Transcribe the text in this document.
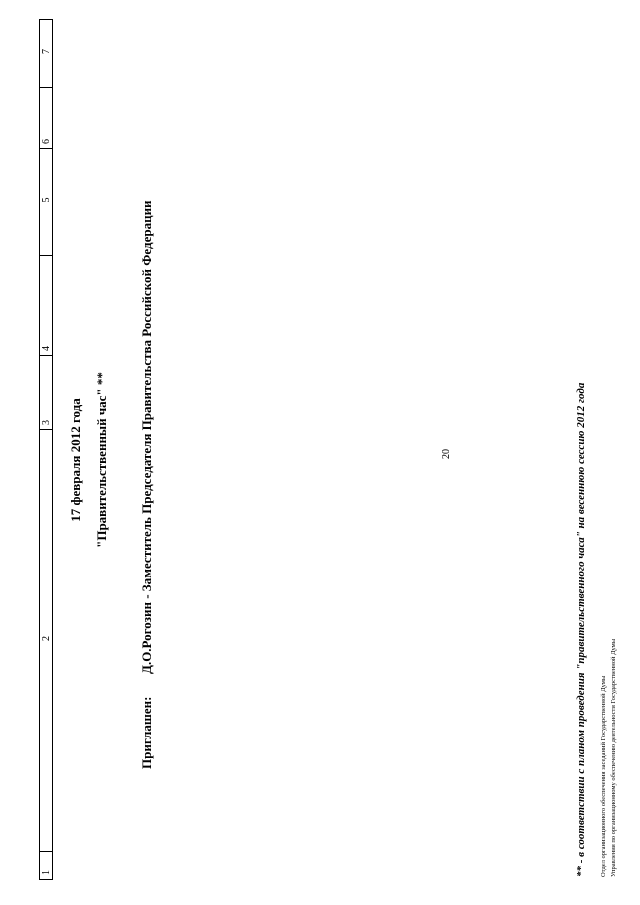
20
1	2	3	4	5	6	7
17 февраля 2012 года "Правительственный час" **
Приглашен:Д.О.Рогозин - Заместитель Председателя Правительства Российской Федерации	** - в соответствии с планом проведения "правительственного часа" на весеннюю сессию 2012 года Отдел организационного обеспечения заседаний Государственной Думы Управления по организационному обеспечению деятельности Государственной Думы
